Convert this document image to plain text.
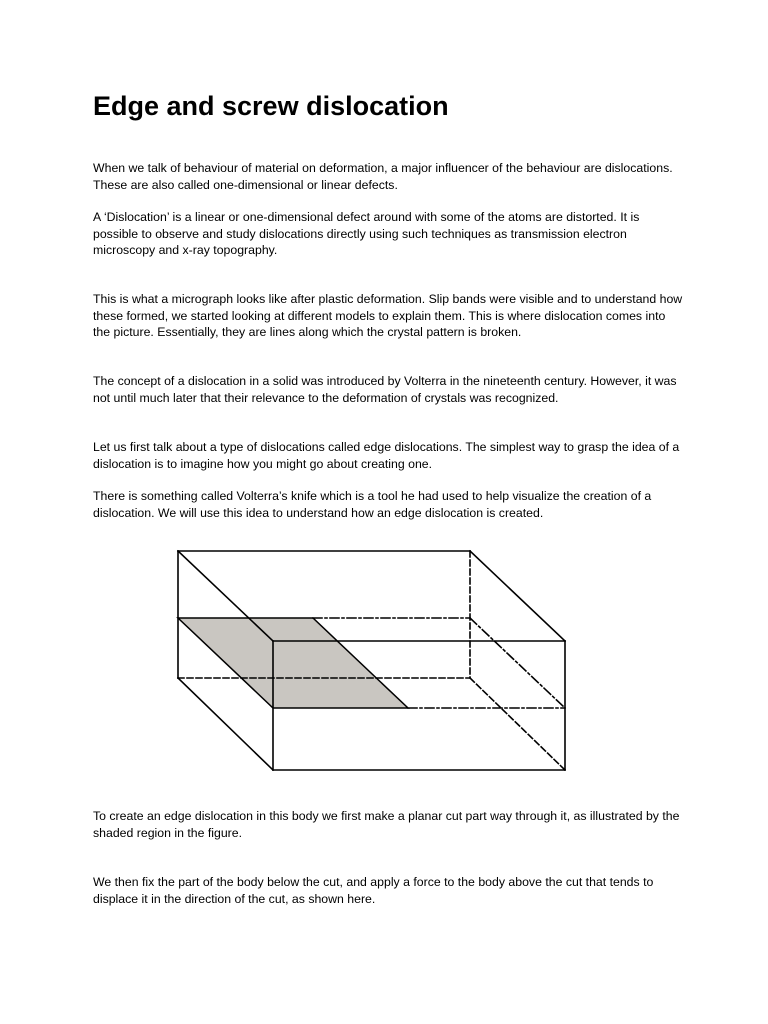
Edge and screw dislocation

When we talk of behaviour of material on deformation, a major influencer of the behaviour are dislocations. These are also called one-dimensional or linear defects.

A ‘Dislocation’ is a linear or one-dimensional defect around with some of the atoms are distorted. It is possible to observe and study dislocations directly using such techniques as transmission electron microscopy and x-ray topography.

This is what a micrograph looks like after plastic deformation. Slip bands were visible and to understand how these formed, we started looking at different models to explain them. This is where dislocation comes into the picture. Essentially, they are lines along which the crystal pattern is broken.

The concept of a dislocation in a solid was introduced by Volterra in the nineteenth century. However, it was not until much later that their relevance to the deformation of crystals was recognized.

Let us first talk about a type of dislocations called edge dislocations. The simplest way to grasp the idea of a dislocation is to imagine how you might go about creating one.

There is something called Volterra’s knife which is a tool he had used to help visualize the creation of a dislocation. We will use this idea to understand how an edge dislocation is created.

To create an edge dislocation in this body we first make a planar cut part way through it, as illustrated by the shaded region in the figure.

We then fix the part of the body below the cut, and apply a force to the body above the cut that tends to displace it in the direction of the cut, as shown here.
